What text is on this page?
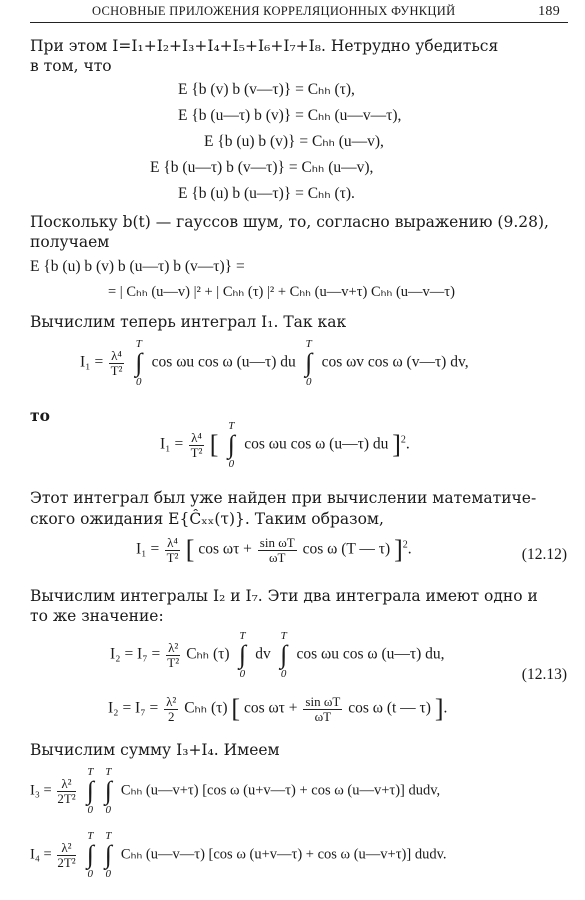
ОСНОВНЫЕ ПРИЛОЖЕНИЯ КОРРЕЛЯЦИОННЫХ ФУНКЦИЙ	189
При этом I=I₁+I₂+I₃+I₄+I₅+I₆+I₇+I₈. Нетрудно убедиться
в том, что
E {b (v) b (v—τ)} = Cₕₕ (τ),
E {b (u—τ) b (v)} = Cₕₕ (u—v—τ),
E {b (u) b (v)} = Cₕₕ (u—v),
E {b (u—τ) b (v—τ)} = Cₕₕ (u—v),
E {b (u) b (u—τ)} = Cₕₕ (τ).
Поскольку b(t) — гауссов шум, то, согласно выражению (9.28),
получаем
E {b (u) b (v) b (u—τ) b (v—τ)} =
= | Cₕₕ (u—v) |² + | Cₕₕ (τ) |² + Cₕₕ (u—v+τ) Cₕₕ (u—v—τ)
Вычислим теперь интеграл I₁. Так как
$I_1 = \frac{\text{λ⁴}}{\text{T²}}$

T
∫
0
cos ωu cos ω (u—τ) du
T
∫
0
cos ωv cos ω (v—τ) dv,
то
$I_1 = \frac{\text{λ⁴}}{\text{T²}}$ [
T
∫
0
cos ωu cos ω (u—τ) du ]$^2$.
Этот интеграл был уже найден при вычислении математиче-
ского ожидания E{Ĉₓₓ(τ)}. Таким образом,
$I_1 = \frac{\text{λ⁴}}{\text{T²}}$ [ $\cos \omega\tau + \frac{\text{sin ωT}}{\omega T}$ cos ω (T — τ) ]$^2$.	(12.12)
Вычислим интегралы I₂ и I₇. Эти два интеграла имеют одно и
то же значение:
$I_2 = I_7 = \frac{\text{λ²}}{\text{T²}}$ Cₕₕ (τ)
T
∫
0
dv
T
∫
0
cos ωu cos ω (u—τ) du,
(12.13)
$I_2 = I_7 = \frac{\text{λ²}}{2}$ Cₕₕ (τ) [ $\cos \omega\tau + \frac{\text{sin ωT}}{\omega T}$ cos ω (t — τ) ].
Вычислим сумму I₃+I₄. Имеем
$I_3 = \frac{\text{λ²}}{\text{2T²}}$

T
∫
0
T
∫
0
Cₕₕ (u—v+τ) [cos ω (u+v—τ) + cos ω (u—v+τ)] dudv,
$I_4 = \frac{\text{λ²}}{\text{2T²}}$

T
∫
0
T
∫
0
Cₕₕ (u—v—τ) [cos ω (u+v—τ) + cos ω (u—v+τ)] dudv.
